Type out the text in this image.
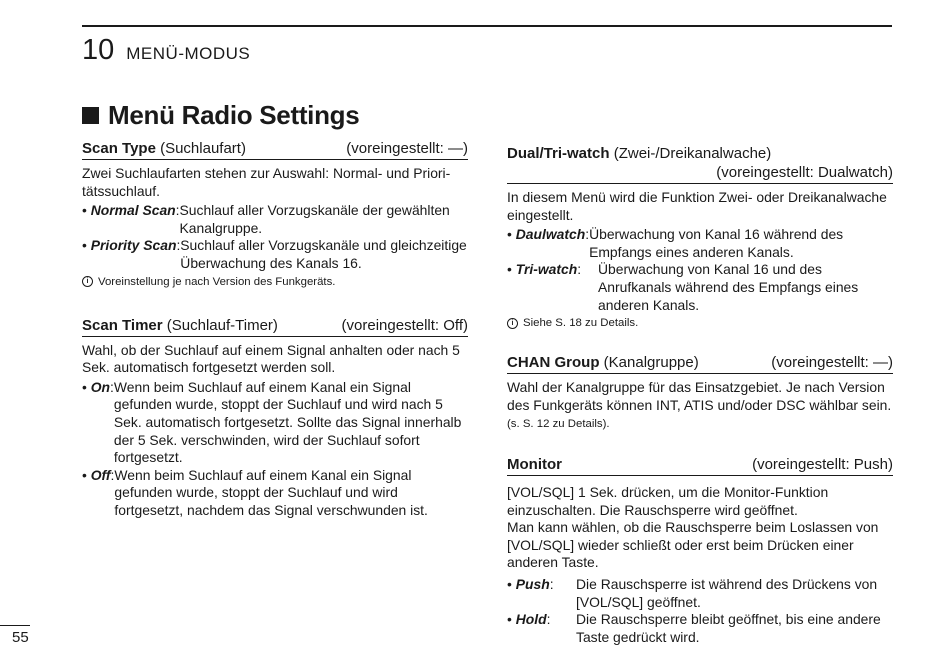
10 MENÜ-MODUS
Menü Radio Settings
Scan Type (Suchlaufart)	(voreingestellt: —)

Zwei Suchlaufarten stehen zur Auswahl: Normal- und Prioritätssuchlauf.

• Normal Scan: Suchlauf aller Vorzugskanäle der gewählten Kanalgruppe.
• Priority Scan: Suchlauf aller Vorzugskanäle und gleichzeitige Überwachung des Kanals 16.
i Voreinstellung je nach Version des Funkgeräts.
Scan Timer (Suchlauf-Timer)	(voreingestellt: Off)

Wahl, ob der Suchlauf auf einem Signal anhalten oder nach 5 Sek. automatisch fortgesetzt werden soll.

• On: Wenn beim Suchlauf auf einem Kanal ein Signal gefunden wurde, stoppt der Suchlauf und wird nach 5 Sek. automatisch fortgesetzt. Sollte das Signal innerhalb der 5 Sek. verschwinden, wird der Suchlauf sofort fortgesetzt.
• Off: Wenn beim Suchlauf auf einem Kanal ein Signal gefunden wurde, stoppt der Suchlauf und wird fortgesetzt, nachdem das Signal verschwunden ist.
Dual/Tri-watch (Zwei-/Dreikanalwache)
(voreingestellt: Dualwatch)

In diesem Menü wird die Funktion Zwei- oder Dreikanalwache eingestellt.

• Daulwatch: Überwachung von Kanal 16 während des Empfangs eines anderen Kanals.
• Tri-watch:	Überwachung von Kanal 16 und des Anrufkanals während des Empfangs eines anderen Kanals.
i Siehe S. 18 zu Details.
CHAN Group (Kanalgruppe)	(voreingestellt: —)

Wahl der Kanalgruppe für das Einsatzgebiet. Je nach Version des Funkgeräts können INT, ATIS und/oder DSC wählbar sein. (s. S. 12 zu Details).

Monitor	(voreingestellt: Push)

[VOL/SQL] 1 Sek. drücken, um die Monitor-Funktion einzuschalten. Die Rauschsperre wird geöffnet.

Man kann wählen, ob die Rauschsperre beim Loslassen von [VOL/SQL] wieder schließt oder erst beim Drücken einer anderen Taste.

• Push:	Die Rauschsperre ist während des Drückens von [VOL/SQL] geöffnet.
• Hold:	Die Rauschsperre bleibt geöffnet, bis eine andere Taste gedrückt wird.
55
